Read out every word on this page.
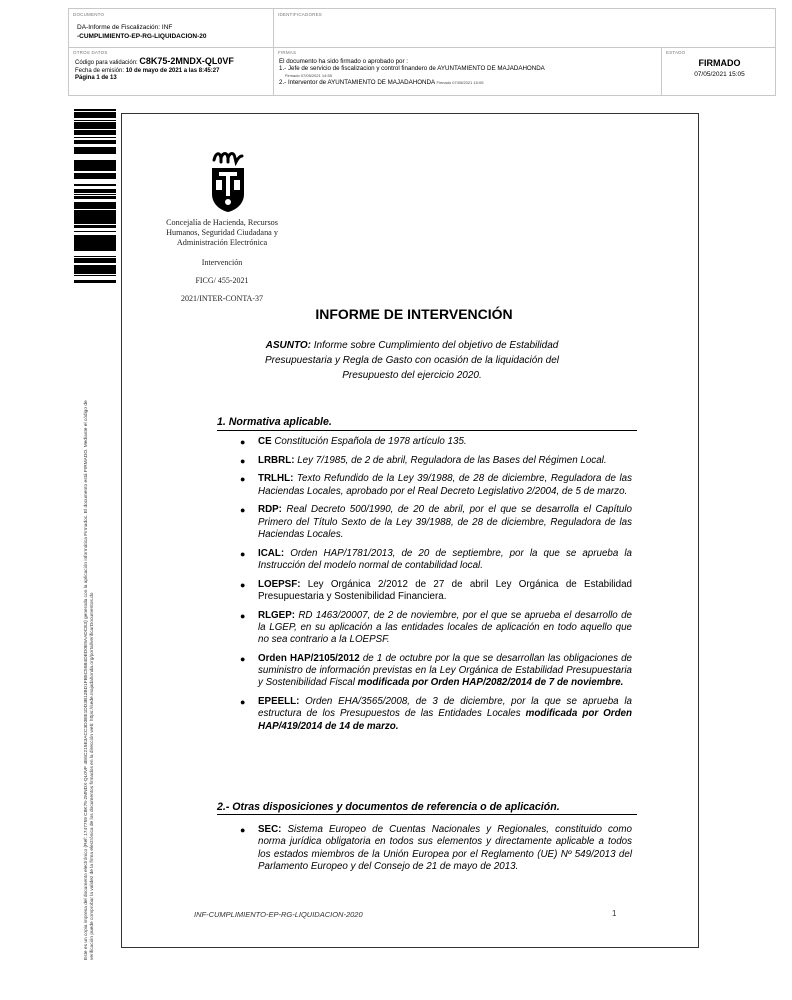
DOCUMENTO
DA-Informe de Fiscalización: INF
-CUMPLIMIENTO-EP-RG-LIQUIDACION-20
IDENTIFICADORES
OTROS DATOS
Código para validación: C8K75-2MNDX-QL0VF
Fecha de emisión: 10 de mayo de 2021 a las 8:45:27
Página 1 de 13
FIRMAS
El documento ha sido firmado o aprobado por :
1.- Jefe de servicio de fiscalizacion y control finandero de AYUNTAMIENTO DE MAJADAHONDA
Firmado 07/05/2021 14:55
2.- Interventor de AYUNTAMIENTO DE MAJADAHONDA Firmado 07/05/2021 15:05
ESTADO
FIRMADO
07/05/2021 15:05
Este es un copia impresa del documento electrónico (Ref: 1747759 C8K75-2MNDX-QL0VF 4E6C215E3ACC3D3EE1DD3B12BD1FB5C55B4DED0E9AADCE3) generada con la aplicación informática Firmadoc. El documento está FIRMADO. Mediante el código de verificación puede comprobar la validez de la firma electrónica de los documentos firmados en la dirección web: https://sede.majadahonda.org/portal/verificarDocumentos.do
Concejalía de Hacienda, Recursos
Humanos, Seguridad Ciudadana y
Administración Electrónica
Intervención
FICG/ 455-2021
2021/INTER-CONTA-37
INFORME DE INTERVENCIÓN
ASUNTO: Informe sobre Cumplimiento del objetivo de Estabilidad Presupuestaria y Regla de Gasto con ocasión de la liquidación del Presupuesto del ejercicio 2020.
1. Normativa aplicable.
● CE Constitución Española de 1978 artículo 135.
● LRBRL: Ley 7/1985, de 2 de abril, Reguladora de las Bases del Régimen Local.
● TRLHL: Texto Refundido de la Ley 39/1988, de 28 de diciembre, Reguladora de las Haciendas Locales, aprobado por el Real Decreto Legislativo 2/2004, de 5 de marzo.
● RDP: Real Decreto 500/1990, de 20 de abril, por el que se desarrolla el Capítulo Primero del Título Sexto de la Ley 39/1988, de 28 de diciembre, Reguladora de las Haciendas Locales.
● ICAL: Orden HAP/1781/2013, de 20 de septiembre, por la que se aprueba la Instrucción del modelo normal de contabilidad local.
● LOEPSF: Ley Orgánica 2/2012 de 27 de abril Ley Orgánica de Estabilidad Presupuestaria y Sostenibilidad Financiera.
● RLGEP: RD 1463/20007, de 2 de noviembre, por el que se aprueba el desarrollo de la LGEP, en su aplicación a las entidades locales de aplicación en todo aquello que no sea contrario a la LOEPSF.
● Orden HAP/2105/2012 de 1 de octubre por la que se desarrollan las obligaciones de suministro de información previstas en la Ley Orgánica de Estabilidad Presupuestaria y Sostenibilidad Fiscal modificada por Orden HAP/2082/2014 de 7 de noviembre.
● EPEELL: Orden EHA/3565/2008, de 3 de diciembre, por la que se aprueba la estructura de los Presupuestos de las Entidades Locales modificada por Orden HAP/419/2014 de 14 de marzo.
2.- Otras disposiciones y documentos de referencia o de aplicación.
● SEC: Sistema Europeo de Cuentas Nacionales y Regionales, constituido como norma jurídica obligatoria en todos sus elementos y directamente aplicable a todos los estados miembros de la Unión Europea por el Reglamento (UE) Nº 549/2013 del Parlamento Europeo y del Consejo de 21 de mayo de 2013.
INF-CUMPLIMIENTO-EP-RG-LIQUIDACION-2020	1
